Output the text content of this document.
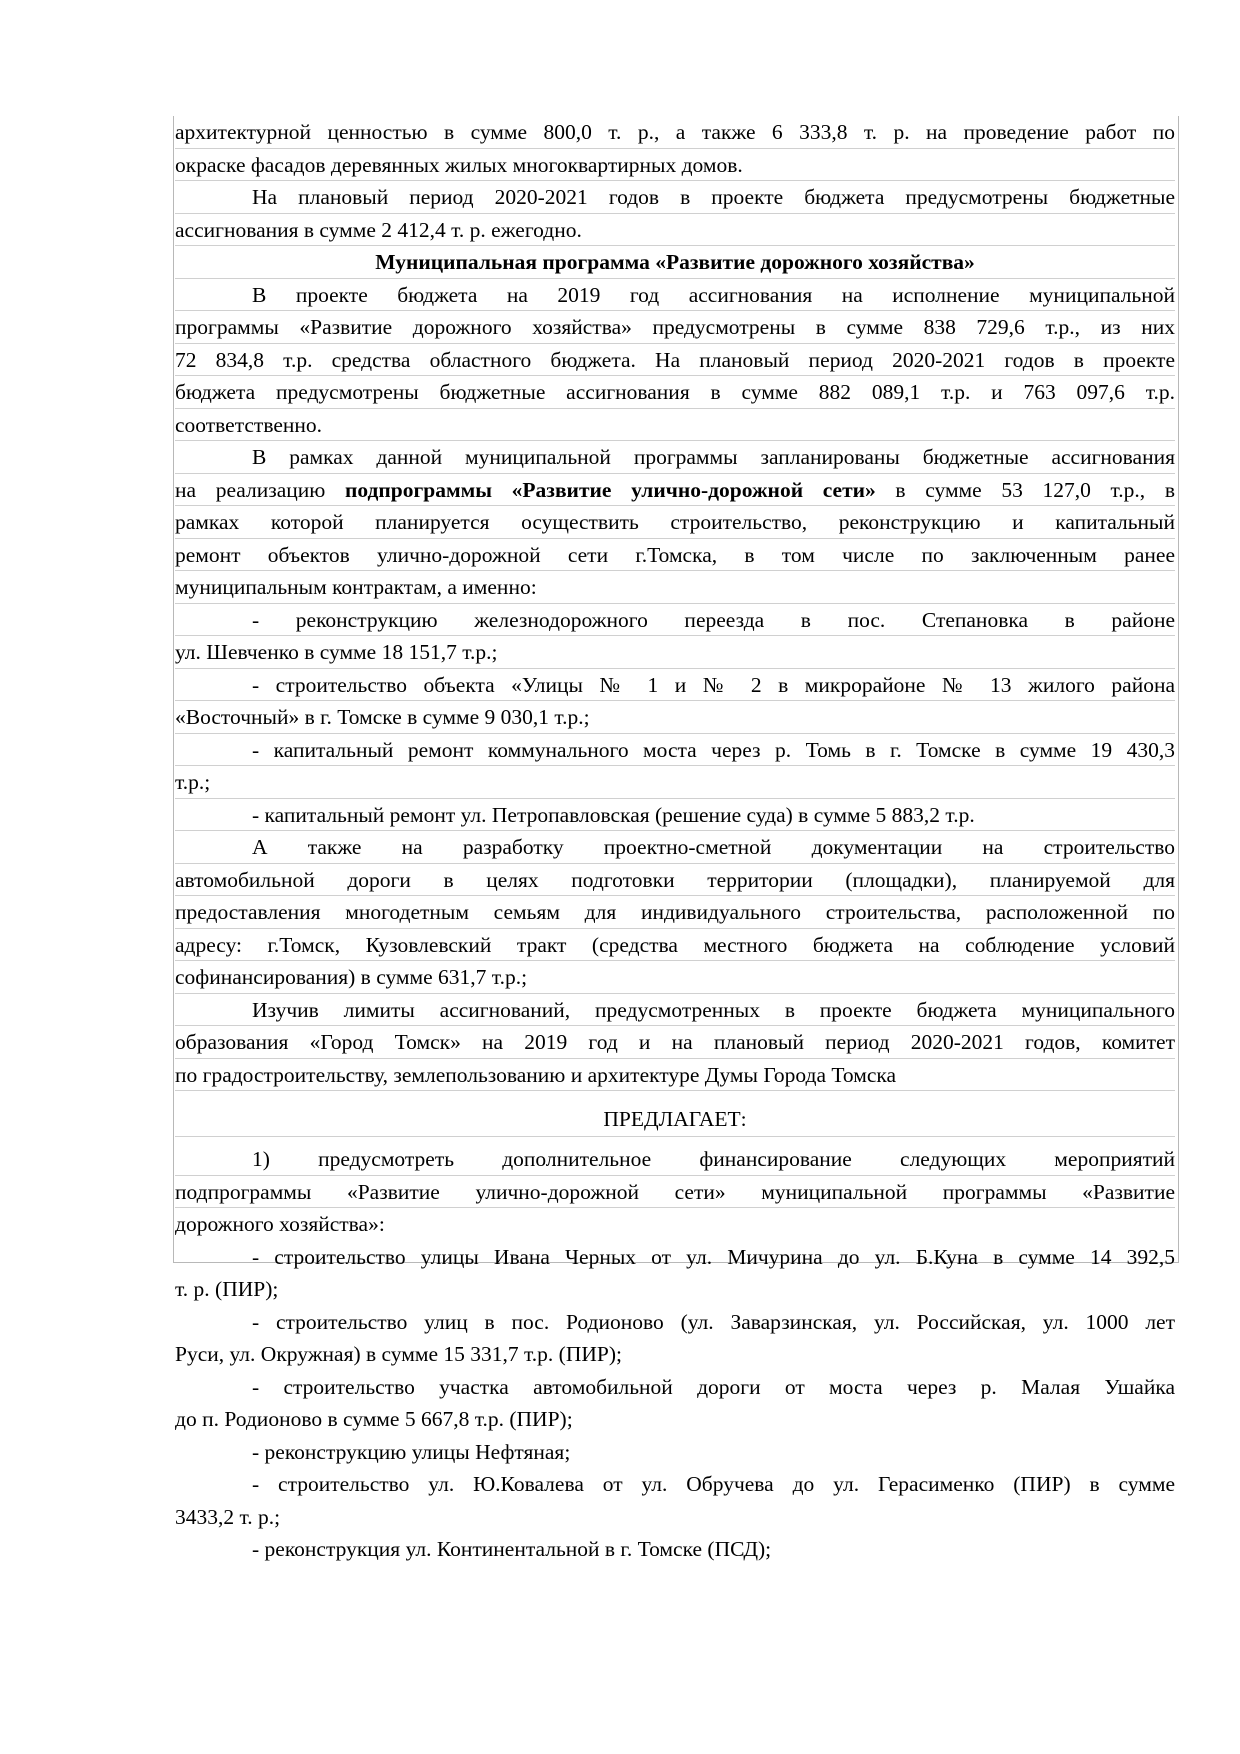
архитектурной ценностью в сумме 800,0 т. р., а также 6 333,8 т. р. на проведение работ по
окраске фасадов деревянных жилых многоквартирных домов.
На плановый период 2020-2021 годов в проекте бюджета предусмотрены бюджетные
ассигнования в сумме 2 412,4 т. р. ежегодно.
Муниципальная программа «Развитие дорожного хозяйства»
В проекте бюджета на 2019 год ассигнования на исполнение муниципальной
программы «Развитие дорожного хозяйства» предусмотрены в сумме 838 729,6 т.р., из них
72 834,8 т.р. средства областного бюджета. На плановый период 2020-2021 годов в проекте
бюджета предусмотрены бюджетные ассигнования в сумме 882 089,1 т.р. и 763 097,6 т.р.
соответственно.
В рамках данной муниципальной программы запланированы бюджетные ассигнования
на реализацию подпрограммы «Развитие улично-дорожной сети» в сумме 53 127,0 т.р., в
рамках которой планируется осуществить строительство, реконструкцию и капитальный
ремонт объектов улично-дорожной сети г.Томска, в том числе по заключенным ранее
муниципальным контрактам, а именно:
- реконструкцию железнодорожного переезда в пос. Степановка в районе
ул. Шевченко в сумме 18 151,7 т.р.;
- строительство объекта «Улицы № 1 и № 2 в микрорайоне № 13 жилого района
«Восточный» в г. Томске в сумме 9 030,1 т.р.;
- капитальный ремонт коммунального моста через р. Томь в г. Томске в сумме 19 430,3
т.р.;
- капитальный ремонт ул. Петропавловская (решение суда) в сумме 5 883,2 т.р.
А также на разработку проектно-сметной документации на строительство
автомобильной дороги в целях подготовки территории (площадки), планируемой для
предоставления многодетным семьям для индивидуального строительства, расположенной по
адресу: г.Томск, Кузовлевский тракт (средства местного бюджета на соблюдение условий
софинансирования) в сумме 631,7 т.р.;
Изучив лимиты ассигнований, предусмотренных в проекте бюджета муниципального
образования «Город Томск» на 2019 год и на плановый период 2020-2021 годов, комитет
по градостроительству, землепользованию и архитектуре Думы Города Томска
ПРЕДЛАГАЕТ:
1) предусмотреть дополнительное финансирование следующих мероприятий
подпрограммы «Развитие улично-дорожной сети» муниципальной программы «Развитие
дорожного хозяйства»:
- строительство улицы Ивана Черных от ул. Мичурина до ул. Б.Куна в сумме 14 392,5
т. р. (ПИР);
- строительство улиц в пос. Родионово (ул. Заварзинская, ул. Российская, ул. 1000 лет
Руси, ул. Окружная) в сумме 15 331,7 т.р. (ПИР);
- строительство участка автомобильной дороги от моста через р. Малая Ушайка
до п. Родионово в сумме 5 667,8 т.р. (ПИР);
- реконструкцию улицы Нефтяная;
- строительство ул. Ю.Ковалева от ул. Обручева до ул. Герасименко (ПИР) в сумме
3433,2 т. р.;
- реконструкция ул. Континентальной в г. Томске (ПСД);
